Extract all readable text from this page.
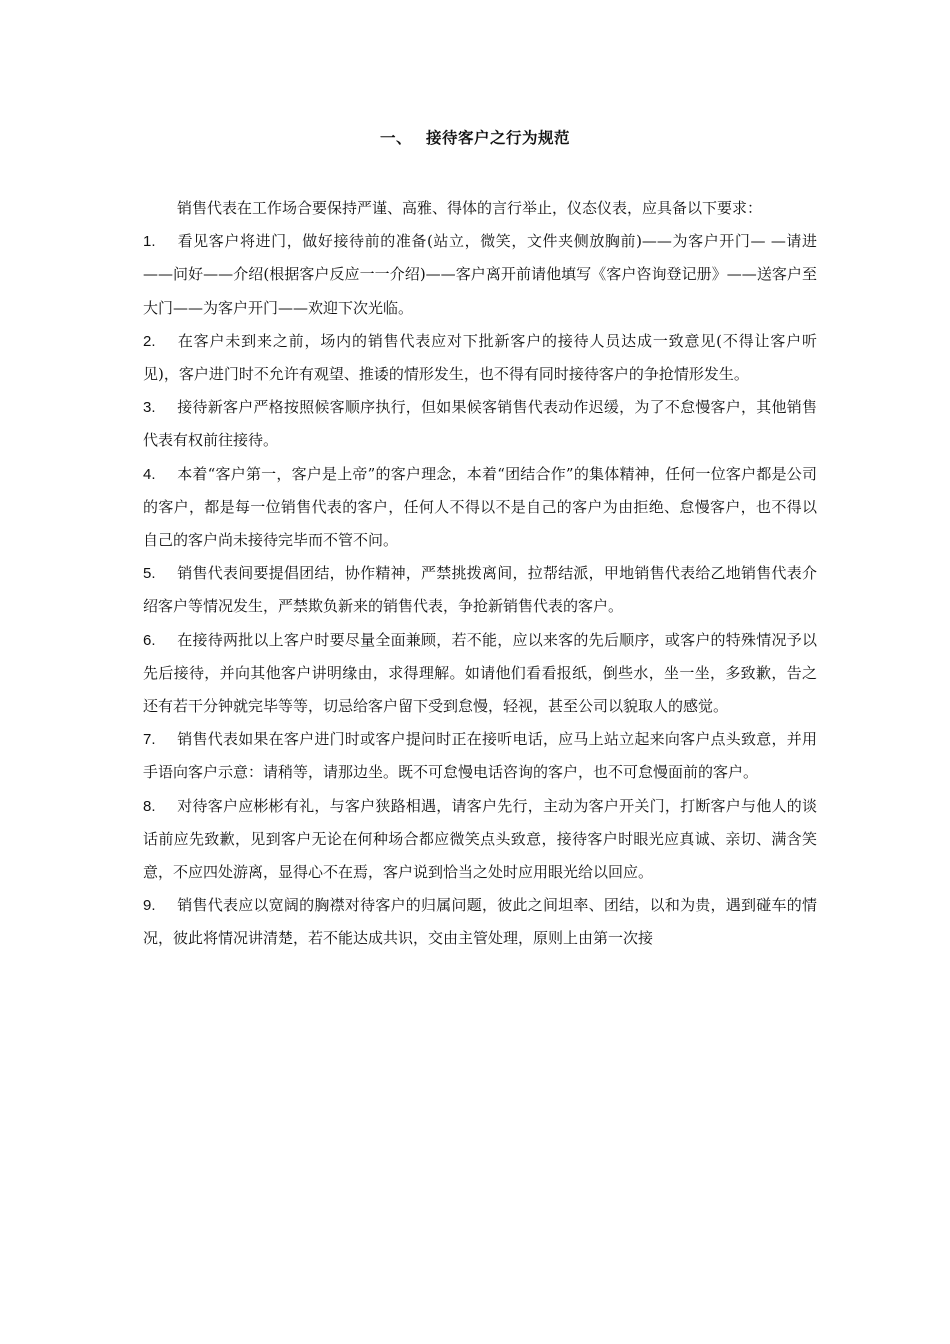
一、 接待客户之行为规范

销售代表在工作场合要保持严谨、高雅、得体的言行举止，仪态仪表，应具备以下要求：

1. 看见客户将进门，做好接待前的准备(站立，微笑，文件夹侧放胸前)——为客户开门— —请进——问好——介绍(根据客户反应一一介绍)——客户离开前请他填写《客户咨询登记册》——送客户至大门——为客户开门——欢迎下次光临。

2. 在客户未到来之前，场内的销售代表应对下批新客户的接待人员达成一致意见(不得让客户听见)，客户进门时不允许有观望、推诿的情形发生，也不得有同时接待客户的争抢情形发生。

3. 接待新客户严格按照候客顺序执行，但如果候客销售代表动作迟缓，为了不怠慢客户，其他销售代表有权前往接待。

4. 本着“客户第一，客户是上帝”的客户理念，本着“团结合作”的集体精神，任何一位客户都是公司的客户，都是每一位销售代表的客户，任何人不得以不是自己的客户为由拒绝、怠慢客户，也不得以自己的客户尚未接待完毕而不管不问。

5. 销售代表间要提倡团结，协作精神，严禁挑拨离间，拉帮结派，甲地销售代表给乙地销售代表介绍客户等情况发生，严禁欺负新来的销售代表，争抢新销售代表的客户。

6. 在接待两批以上客户时要尽量全面兼顾，若不能，应以来客的先后顺序，或客户的特殊情况予以先后接待，并向其他客户讲明缘由，求得理解。如请他们看看报纸，倒些水，坐一坐，多致歉，告之还有若干分钟就完毕等等，切忌给客户留下受到怠慢，轻视，甚至公司以貌取人的感觉。

7. 销售代表如果在客户进门时或客户提问时正在接听电话，应马上站立起来向客户点头致意，并用手语向客户示意：请稍等，请那边坐。既不可怠慢电话咨询的客户，也不可怠慢面前的客户。

8. 对待客户应彬彬有礼，与客户狭路相遇，请客户先行，主动为客户开关门，打断客户与他人的谈话前应先致歉，见到客户无论在何种场合都应微笑点头致意，接待客户时眼光应真诚、亲切、满含笑意，不应四处游离，显得心不在焉，客户说到恰当之处时应用眼光给以回应。

9. 销售代表应以宽阔的胸襟对待客户的归属问题，彼此之间坦率、团结，以和为贵，遇到碰车的情况，彼此将情况讲清楚，若不能达成共识，交由主管处理，原则上由第一次接
